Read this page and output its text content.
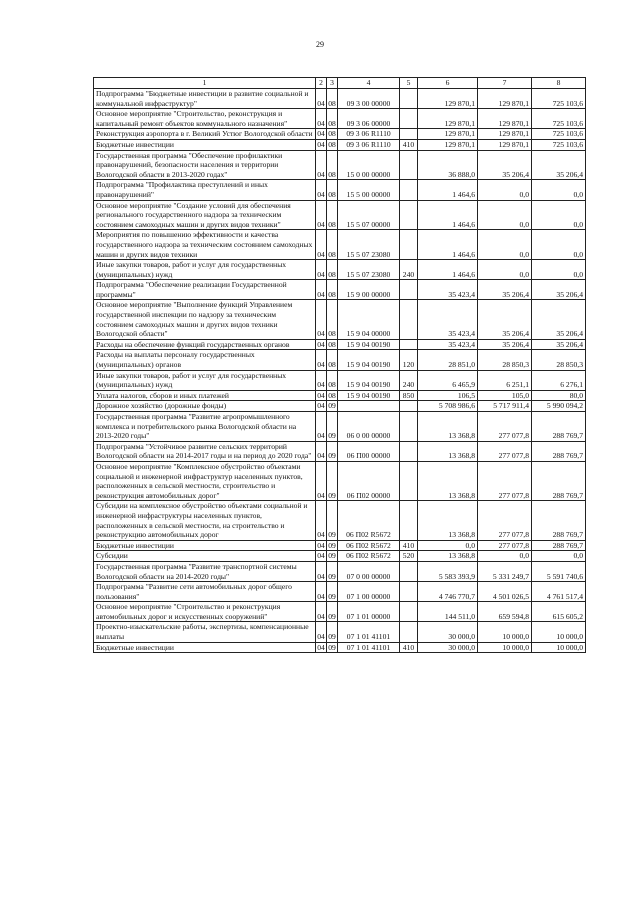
29
1	2	3	4	5	6	7	8
Подпрограмма "Бюджетные инвестиции в развитие социальной и коммунальной инфраструктур"	04	08	09 3 00 00000		129 870,1	129 870,1	725 103,6
Основное мероприятие "Строительство, реконструкция и капитальный ремонт объектов коммунального назначения"	04	08	09 3 06 00000		129 870,1	129 870,1	725 103,6
Реконструкция аэропорта в г. Великий Устюг Вологодской области	04	08	09 3 06 R1110		129 870,1	129 870,1	725 103,6
Бюджетные инвестиции	04	08	09 3 06 R1110	410	129 870,1	129 870,1	725 103,6
Государственная программа "Обеспечение профилактики правонарушений, безопасности населения и территории Вологодской области в 2013-2020 годах"	04	08	15 0 00 00000		36 888,0	35 206,4	35 206,4
Подпрограмма "Профилактика преступлений и иных правонарушений"	04	08	15 5 00 00000		1 464,6	0,0	0,0
Основное мероприятие "Создание условий для обеспечения регионального государственного надзора за техническим состоянием самоходных машин и других видов техники"	04	08	15 5 07 00000		1 464,6	0,0	0,0
Мероприятия по повышению эффективности и качества государственного надзора за техническим состоянием самоходных машин и других видов техники	04	08	15 5 07 23080		1 464,6	0,0	0,0
Иные закупки товаров, работ и услуг для государственных (муниципальных) нужд	04	08	15 5 07 23080	240	1 464,6	0,0	0,0
Подпрограмма "Обеспечение реализации Государственной программы"	04	08	15 9 00 00000		35 423,4	35 206,4	35 206,4
Основное мероприятие "Выполнение функций Управлением государственной инспекции по надзору за техническим состоянием самоходных машин и других видов техники Вологодской области"	04	08	15 9 04 00000		35 423,4	35 206,4	35 206,4
Расходы на обеспечение функций государственных органов	04	08	15 9 04 00190		35 423,4	35 206,4	35 206,4
Расходы на выплаты персоналу государственных (муниципальных) органов	04	08	15 9 04 00190	120	28 851,0	28 850,3	28 850,3
Иные закупки товаров, работ и услуг для государственных (муниципальных) нужд	04	08	15 9 04 00190	240	6 465,9	6 251,1	6 276,1
Уплата налогов, сборов и иных платежей	04	08	15 9 04 00190	850	106,5	105,0	80,0
Дорожное хозяйство (дорожные фонды)	04	09			5 708 986,6	5 717 911,4	5 990 094,2
Государственная программа "Развитие агропромышленного комплекса и потребительского рынка Вологодской области на 2013-2020 годы"	04	09	06 0 00 00000		13 368,8	277 077,8	288 769,7
Подпрограмма "Устойчивое развитие сельских территорий Вологодской области на 2014-2017 годы и на период до 2020 года"	04	09	06 П00 00000		13 368,8	277 077,8	288 769,7
Основное мероприятие "Комплексное обустройство объектами социальной и инженерной инфраструктур населенных пунктов, расположенных в сельской местности, строительство и реконструкция автомобильных дорог"	04	09	06 П02 00000		13 368,8	277 077,8	288 769,7
Субсидии на комплексное обустройство объектами социальной и инженерной инфраструктуры населенных пунктов, расположенных в сельской местности, на строительство и реконструкцию автомобильных дорог	04	09	06 П02 R5672		13 368,8	277 077,8	288 769,7
Бюджетные инвестиции	04	09	06 П02 R5672	410	0,0	277 077,8	288 769,7
Субсидии	04	09	06 П02 R5672	520	13 368,8	0,0	0,0
Государственная программа "Развитие транспортной системы Вологодской области на 2014-2020 годы"	04	09	07 0 00 00000		5 583 393,9	5 331 249,7	5 591 740,6
Подпрограмма "Развитие сети автомобильных дорог общего пользования"	04	09	07 1 00 00000		4 746 770,7	4 501 026,5	4 761 517,4
Основное мероприятие "Строительство и реконструкция автомобильных дорог и искусственных сооружений"	04	09	07 1 01 00000		144 511,0	659 594,8	615 605,2
Проектно-изыскательские работы, экспертизы, компенсационные выплаты	04	09	07 1 01 41101		30 000,0	10 000,0	10 000,0
Бюджетные инвестиции	04	09	07 1 01 41101	410	30 000,0	10 000,0	10 000,0
